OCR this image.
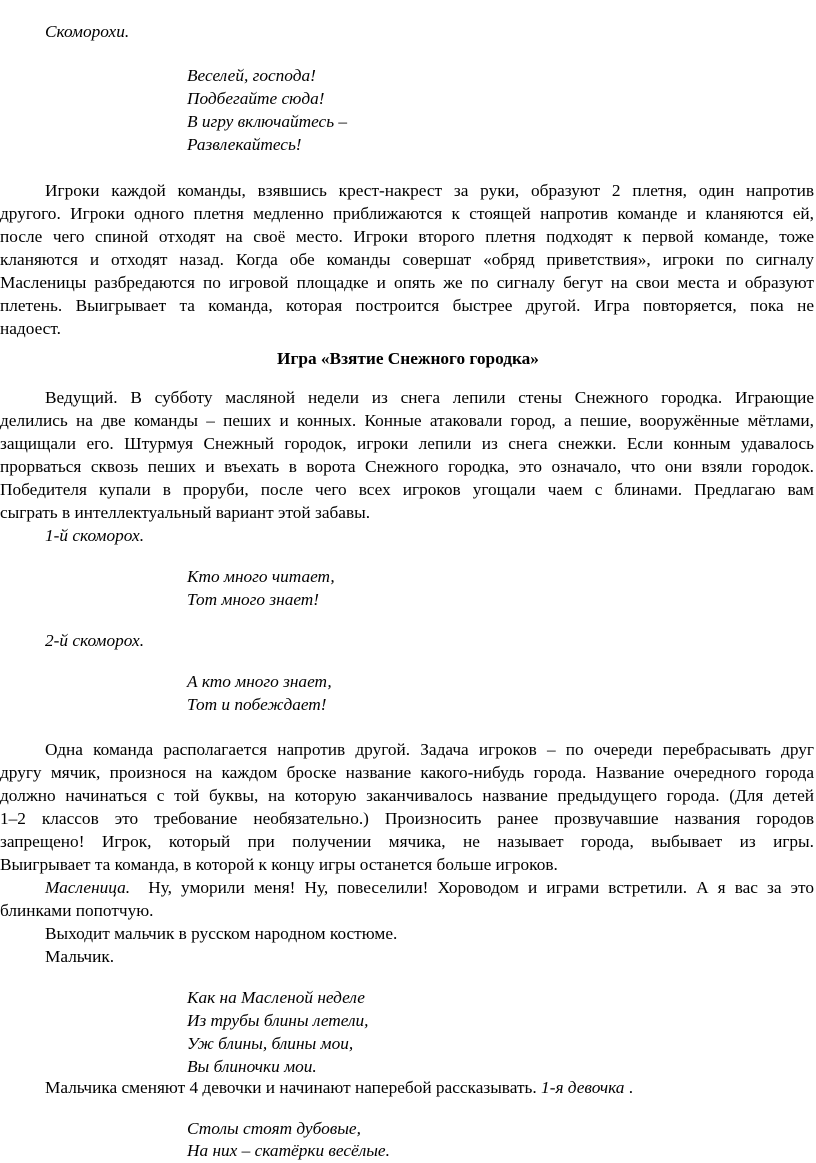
Скоморохи.
Веселей, господа!
Подбегайте сюда!
В игру включайтесь –
Развлекайтесь!
Игроки каждой команды, взявшись крест-накрест за руки, образуют 2 плетня, один напротив
другого. Игроки одного плетня медленно приближаются к стоящей напротив команде и кланяются ей,
после чего спиной отходят на своё место. Игроки второго плетня подходят к первой команде, тоже
кланяются и отходят назад. Когда обе команды совершат «обряд приветствия», игроки по сигналу
Масленицы разбредаются по игровой площадке и опять же по сигналу бегут на свои места и образуют
плетень. Выигрывает та команда, которая построится быстрее другой. Игра повторяется, пока не
надоест.
Игра «Взятие Снежного городка»
Ведущий. В субботу масляной недели из снега лепили стены Снежного городка. Играющие
делились на две команды – пеших и конных. Конные атаковали город, а пешие, вооружённые мётлами,
защищали его. Штурмуя Снежный городок, игроки лепили из снега снежки. Если конным удавалось
прорваться сквозь пеших и въехать в ворота Снежного городка, это означало, что они взяли городок.
Победителя купали в проруби, после чего всех игроков угощали чаем с блинами. Предлагаю вам
сыграть в интеллектуальный вариант этой забавы.
1-й скоморох.
Кто много читает,
Тот много знает!
2-й скоморох.
А кто много знает,
Тот и побеждает!
Одна команда располагается напротив другой. Задача игроков – по очереди перебрасывать друг
другу мячик, произнося на каждом броске название какого-нибудь города. Название очередного города
должно начинаться с той буквы, на которую заканчивалось название предыдущего города. (Для детей
1–2 классов это требование необязательно.) Произносить ранее прозвучавшие названия городов
запрещено! Игрок, который при получении мячика, не называет города, выбывает из игры.
Выигрывает та команда, в которой к концу игры останется больше игроков.
Масленица. Ну, уморили меня! Ну, повеселили! Хороводом и играми встретили. А я вас за это
блинками попотчую.
Выходит мальчик в русском народном костюме.
Мальчик.
Как на Масленой неделе
Из трубы блины летели,
Уж блины, блины мои,
Вы блиночки мои.
Мальчика сменяют 4 девочки и начинают наперебой рассказывать. 1-я девочка .
Столы стоят дубовые,
На них – скатёрки весёлые.
